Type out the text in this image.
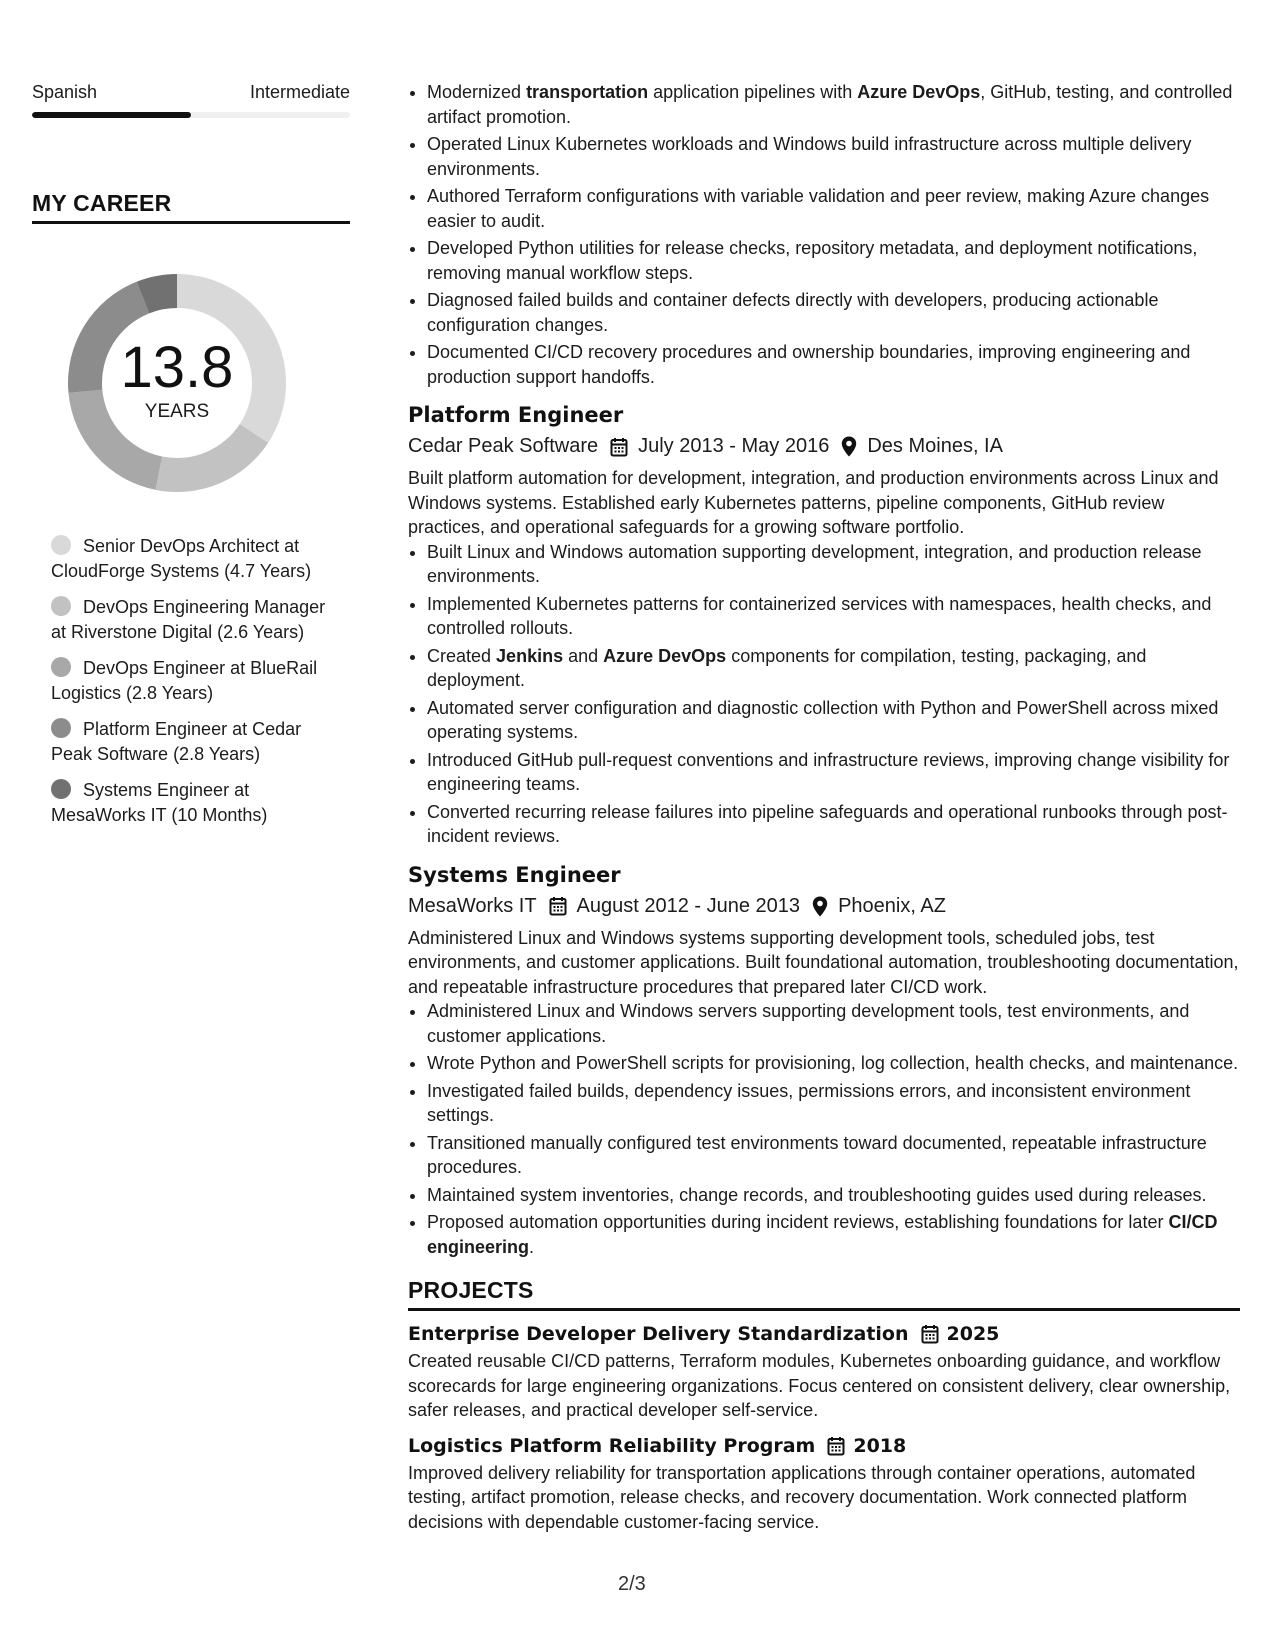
Spanish	Intermediate
MY CAREER
13.8
YEARS
Senior DevOps Architect at CloudForge Systems (4.7 Years)
DevOps Engineering Manager at Riverstone Digital (2.6 Years)
DevOps Engineer at BlueRail Logistics (2.8 Years)
Platform Engineer at Cedar Peak Software (2.8 Years)
Systems Engineer at MesaWorks IT (10 Months)
• Modernized transportation application pipelines with Azure DevOps, GitHub, testing, and controlled artifact promotion.
• Operated Linux Kubernetes workloads and Windows build infrastructure across multiple delivery environments.
• Authored Terraform configurations with variable validation and peer review, making Azure changes easier to audit.
• Developed Python utilities for release checks, repository metadata, and deployment notifications, removing manual workflow steps.
• Diagnosed failed builds and container defects directly with developers, producing actionable configuration changes.
• Documented CI/CD recovery procedures and ownership boundaries, improving engineering and production support handoffs.
Platform Engineer
Cedar Peak Software July 2013 - May 2016 Des Moines, IA
Built platform automation for development, integration, and production environments across Linux and Windows systems. Established early Kubernetes patterns, pipeline components, GitHub review practices, and operational safeguards for a growing software portfolio.
• Built Linux and Windows automation supporting development, integration, and production release environments.
• Implemented Kubernetes patterns for containerized services with namespaces, health checks, and controlled rollouts.
• Created Jenkins and Azure DevOps components for compilation, testing, packaging, and deployment.
• Automated server configuration and diagnostic collection with Python and PowerShell across mixed operating systems.
• Introduced GitHub pull-request conventions and infrastructure reviews, improving change visibility for engineering teams.
• Converted recurring release failures into pipeline safeguards and operational runbooks through post-incident reviews.
Systems Engineer
MesaWorks IT August 2012 - June 2013 Phoenix, AZ
Administered Linux and Windows systems supporting development tools, scheduled jobs, test environments, and customer applications. Built foundational automation, troubleshooting documentation, and repeatable infrastructure procedures that prepared later CI/CD work.
• Administered Linux and Windows servers supporting development tools, test environments, and customer applications.
• Wrote Python and PowerShell scripts for provisioning, log collection, health checks, and maintenance.
• Investigated failed builds, dependency issues, permissions errors, and inconsistent environment settings.
• Transitioned manually configured test environments toward documented, repeatable infrastructure procedures.
• Maintained system inventories, change records, and troubleshooting guides used during releases.
• Proposed automation opportunities during incident reviews, establishing foundations for later CI/CD engineering.
PROJECTS
Enterprise Developer Delivery Standardization 2025
Created reusable CI/CD patterns, Terraform modules, Kubernetes onboarding guidance, and workflow scorecards for large engineering organizations. Focus centered on consistent delivery, clear ownership, safer releases, and practical developer self-service.
Logistics Platform Reliability Program 2018
Improved delivery reliability for transportation applications through container operations, automated testing, artifact promotion, release checks, and recovery documentation. Work connected platform decisions with dependable customer-facing service.
2/3
